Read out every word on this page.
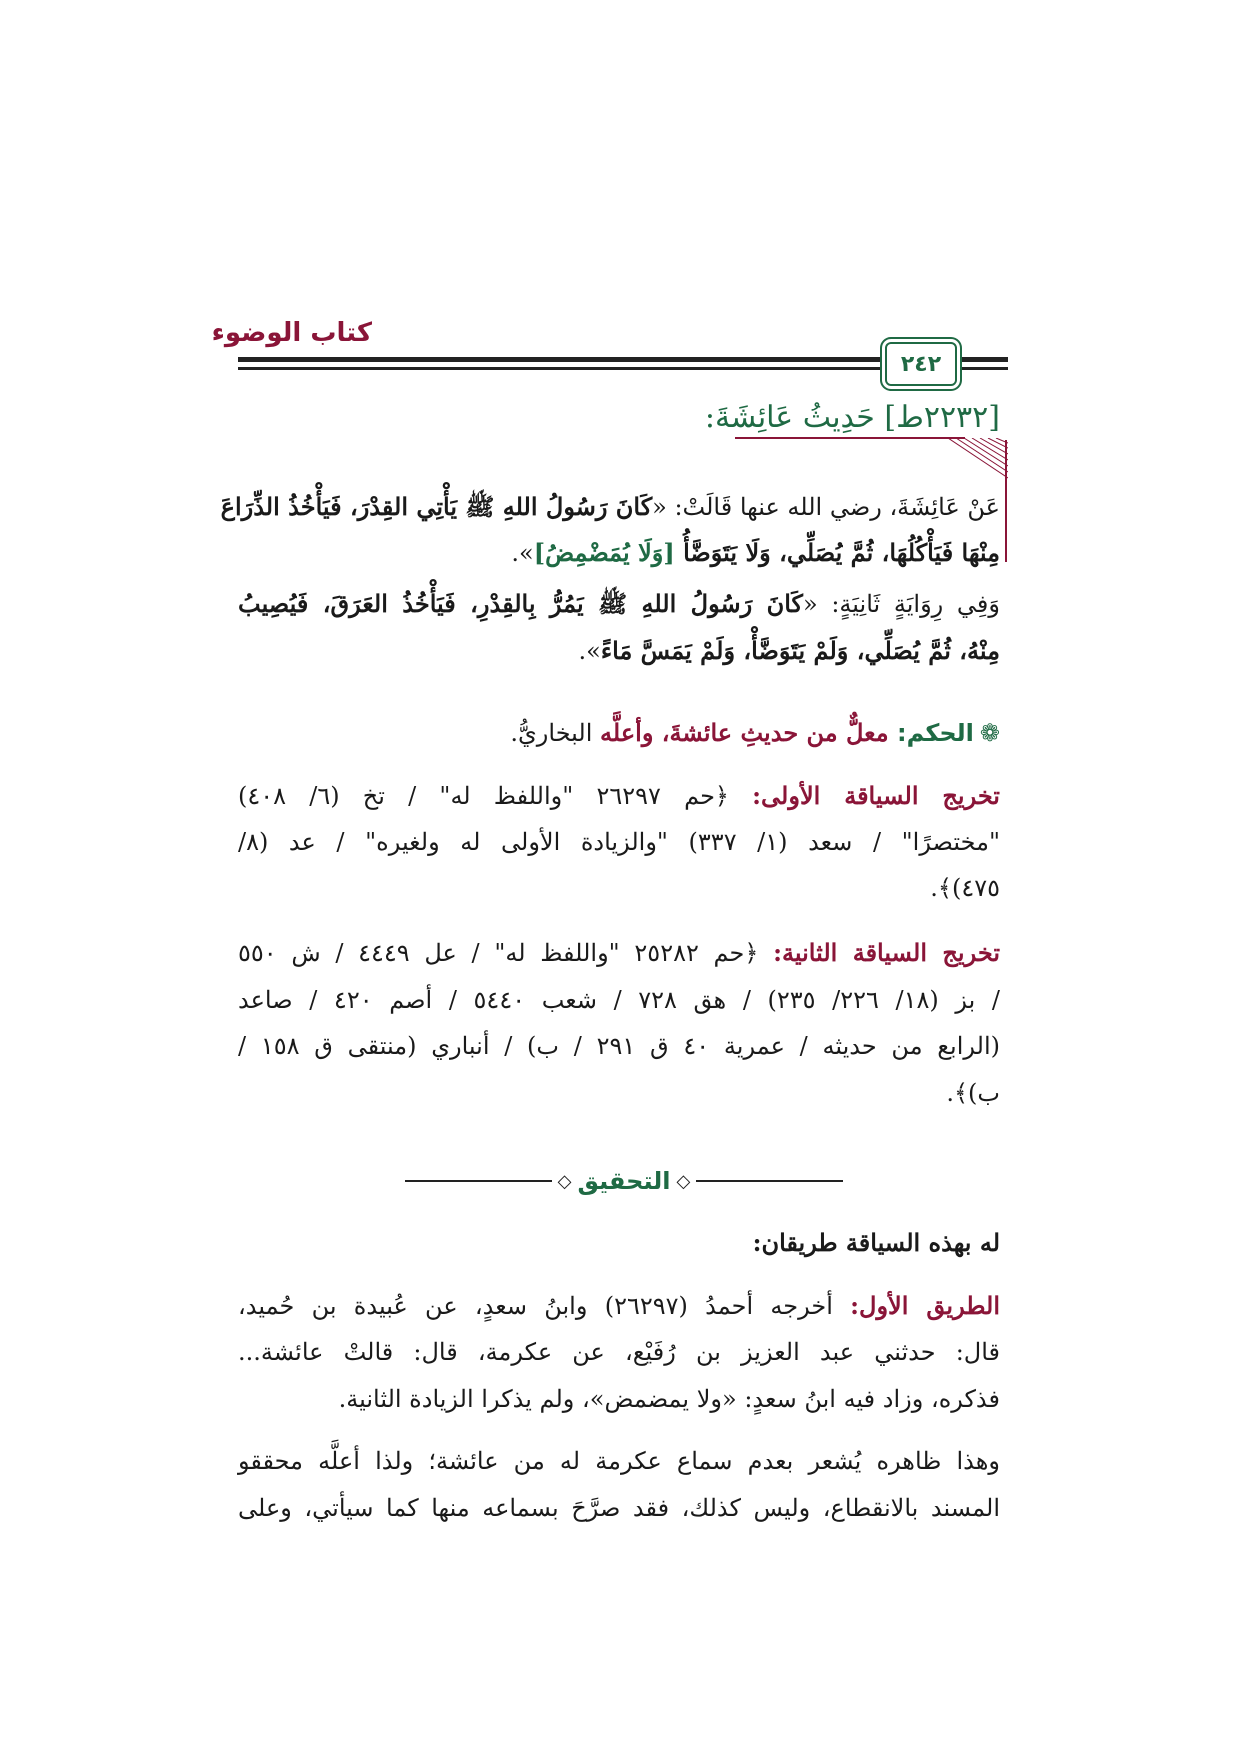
كتاب الوضوء
٢٤٢
[٢٢٣٢ط] حَدِيثُ عَائِشَةَ:
عَنْ عَائِشَةَ، رضي الله عنها قَالَتْ: «كَانَ رَسُولُ اللهِ ﷺ يَأْتِي القِدْرَ، فَيَأْخُذُ الذِّرَاعَ
مِنْهَا فَيَأْكُلُهَا، ثُمَّ يُصَلِّي، وَلَا يَتَوَضَّأُ [وَلَا يُمَضْمِضُ]».
وَفِي رِوَايَةٍ ثَانِيَةٍ: «كَانَ رَسُولُ اللهِ ﷺ يَمُرُّ بِالقِدْرِ، فَيَأْخُذُ العَرَقَ، فَيُصِيبُ
مِنْهُ، ثُمَّ يُصَلِّي، وَلَمْ يَتَوَضَّأْ، وَلَمْ يَمَسَّ مَاءً».
❁الحكم: معلٌّ من حديثِ عائشةَ، وأعلَّه البخاريُّ.
تخريج السياقة الأولى: ﴿حم ٢٦٢٩٧ "واللفظ له" / تخ (٦/ ٤٠٨)
"مختصرًا" / سعد (١/ ٣٣٧) "والزيادة الأولى له ولغيره" / عد (٨/
٤٧٥)﴾.
تخريج السياقة الثانية: ﴿حم ٢٥٢٨٢ "واللفظ له" / عل ٤٤٤٩ / ش ٥٥٠
/ بز (١٨/ ٢٢٦/ ٢٣٥) / هق ٧٢٨ / شعب ٥٤٤٠ / أصم ٤٢٠ / صاعد
(الرابع من حديثه / عمرية ٤٠ ق ٢٩١ / ب) / أنباري (منتقى ق ١٥٨ /
ب)﴾.
◇
التحقيق
◇
له بهذه السياقة طريقان:
الطريق الأول: أخرجه أحمدُ (٢٦٢٩٧) وابنُ سعدٍ، عن عُبيدة بن حُميد،
قال: حدثني عبد العزيز بن رُفَيْع، عن عكرمة، قال: قالتْ عائشة...
فذكره، وزاد فيه ابنُ سعدٍ: «ولا يمضمض»، ولم يذكرا الزيادة الثانية.
وهذا ظاهره يُشعر بعدم سماع عكرمة له من عائشة؛ ولذا أعلَّه محققو
المسند بالانقطاع، وليس كذلك، فقد صرَّحَ بسماعه منها كما سيأتي، وعلى
